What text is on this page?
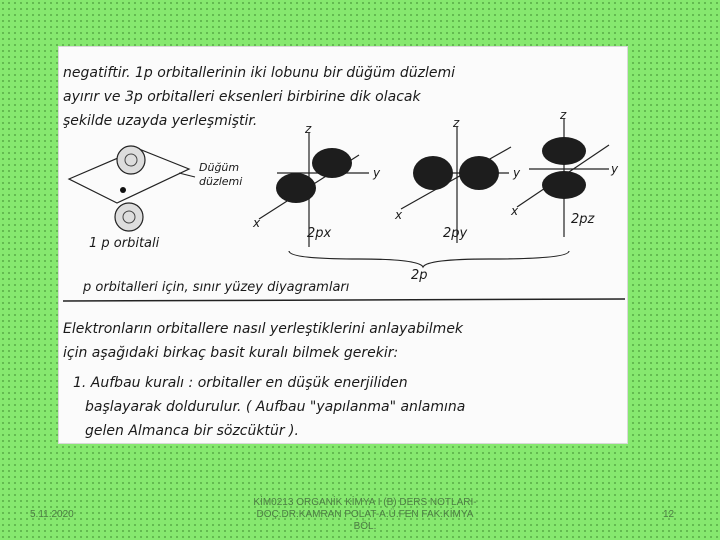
negatiftir. 1p orbitallerinin iki lobunu bir düğüm düzlemi
ayırır ve 3p orbitalleri eksenleri birbirine dik olacak
şekilde uzayda yerleşmiştir.
Düğüm
düzlemi
1 p orbitali
z
y
x
2px
z
y
x
2py
z
y
x
2pz
2p
p orbitalleri için, sınır yüzey diyagramları
Elektronların orbitallere nasıl yerleştiklerini anlayabilmek
için aşağıdaki birkaç basit kuralı bilmek gerekir:
1. Aufbau kuralı : orbitaller en düşük enerjiliden
başlayarak doldurulur. ( Aufbau "yapılanma" anlamına
gelen Almanca bir sözcüktür ).
5.11.2020
KİM0213 ORGANİK KİMYA I (B) DERS NOTLARI-DOÇ.DR.KAMRAN POLAT-A.Ü.FEN FAK.KİMYA BÖL.
12
